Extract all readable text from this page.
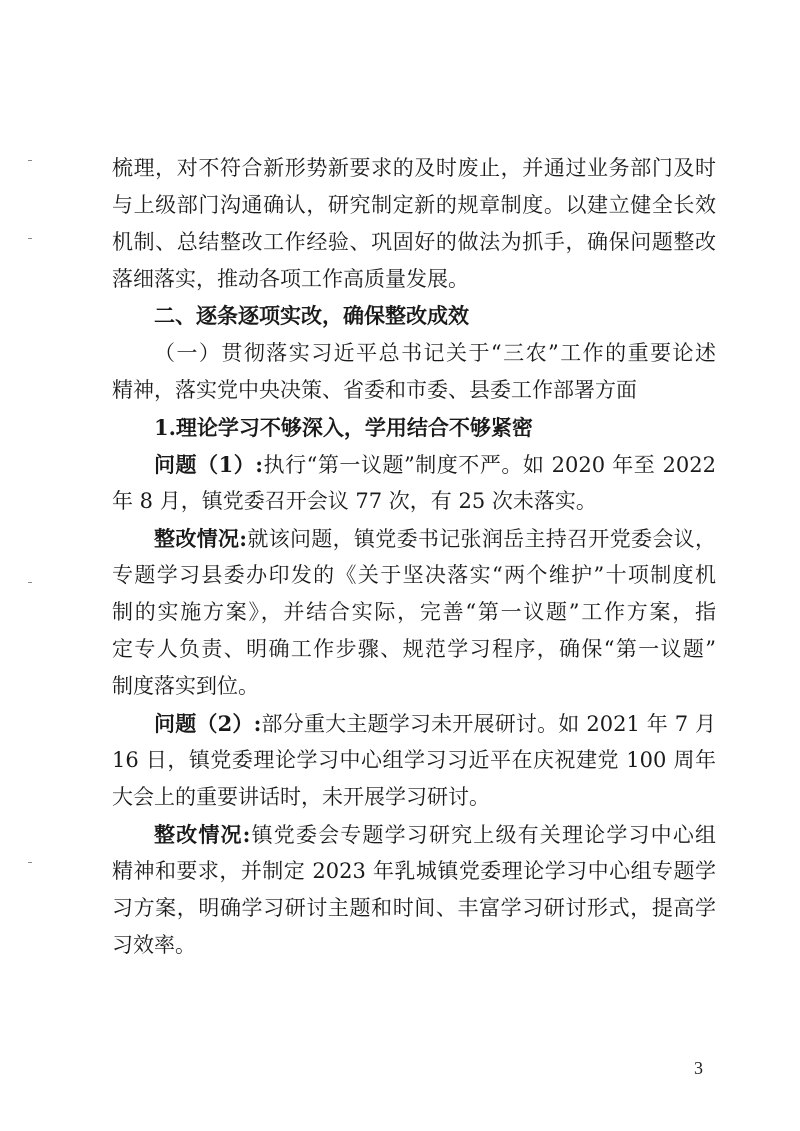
梳理，对不符合新形势新要求的及时废止，并通过业务部门及时
与上级部门沟通确认，研究制定新的规章制度。以建立健全长效
机制、总结整改工作经验、巩固好的做法为抓手，确保问题整改
落细落实，推动各项工作高质量发展。
二、逐条逐项实改，确保整改成效
（一）贯彻落实习近平总书记关于“三农”工作的重要论述
精神，落实党中央决策、省委和市委、县委工作部署方面
1.理论学习不够深入，学用结合不够紧密
问题（1）:执行“第一议题”制度不严。如 2020 年至 2022
年 8 月，镇党委召开会议 77 次，有 25 次未落实。
整改情况:就该问题，镇党委书记张润岳主持召开党委会议，
专题学习县委办印发的《关于坚决落实“两个维护”十项制度机
制的实施方案》，并结合实际，完善“第一议题”工作方案，指
定专人负责、明确工作步骤、规范学习程序，确保“第一议题”
制度落实到位。
问题（2）:部分重大主题学习未开展研讨。如 2021 年 7 月
16 日，镇党委理论学习中心组学习习近平在庆祝建党 100 周年
大会上的重要讲话时，未开展学习研讨。
整改情况:镇党委会专题学习研究上级有关理论学习中心组
精神和要求，并制定 2023 年乳城镇党委理论学习中心组专题学
习方案，明确学习研讨主题和时间、丰富学习研讨形式，提高学
习效率。
3
